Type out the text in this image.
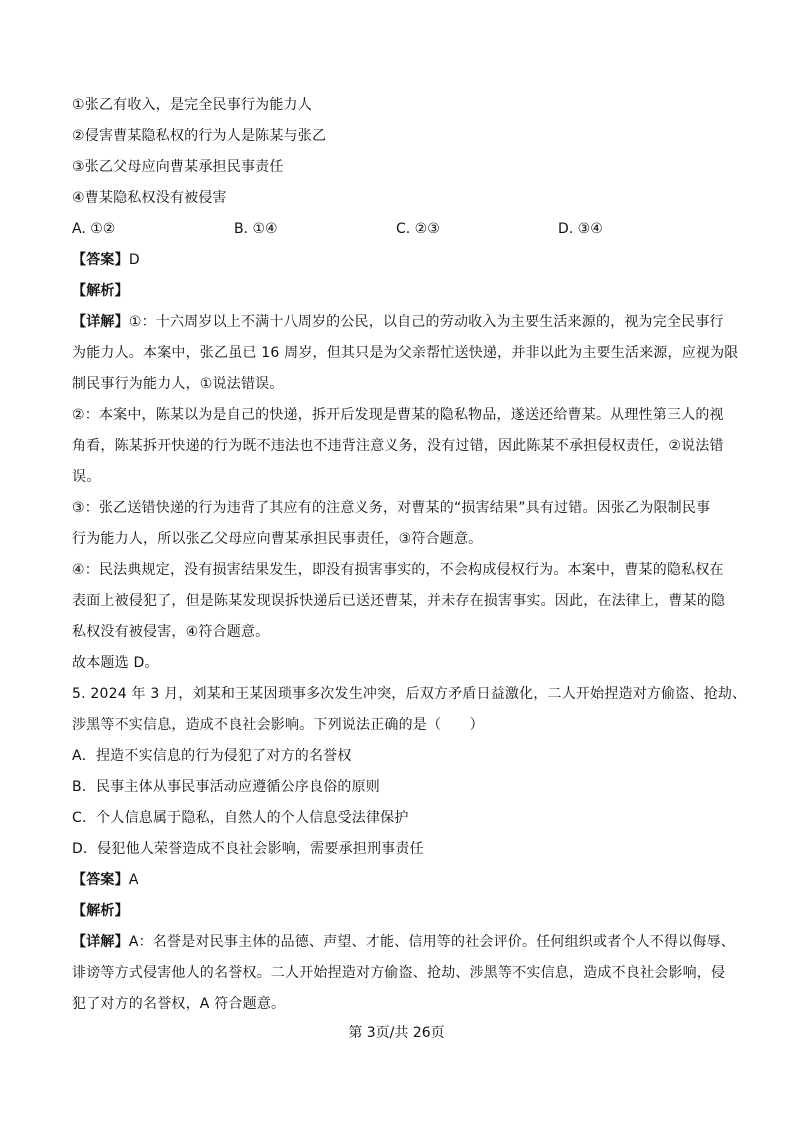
①张乙有收入，是完全民事行为能力人
②侵害曹某隐私权的行为人是陈某与张乙
③张乙父母应向曹某承担民事责任
④曹某隐私权没有被侵害
A. ①②	B. ①④	C. ②③	D. ③④
【答案】D
【解析】
【详解】①：十六周岁以上不满十八周岁的公民，以自己的劳动收入为主要生活来源的，视为完全民事行
为能力人。本案中，张乙虽已 16 周岁，但其只是为父亲帮忙送快递，并非以此为主要生活来源，应视为限
制民事行为能力人，①说法错误。
②：本案中，陈某以为是自己的快递，拆开后发现是曹某的隐私物品，遂送还给曹某。从理性第三人的视
角看，陈某拆开快递的行为既不违法也不违背注意义务，没有过错，因此陈某不承担侵权责任，②说法错
误。
③：张乙送错快递的行为违背了其应有的注意义务，对曹某的“损害结果”具有过错。因张乙为限制民事
行为能力人，所以张乙父母应向曹某承担民事责任，③符合题意。
④：民法典规定，没有损害结果发生，即没有损害事实的，不会构成侵权行为。本案中，曹某的隐私权在
表面上被侵犯了，但是陈某发现误拆快递后已送还曹某，并未存在损害事实。因此，在法律上，曹某的隐
私权没有被侵害，④符合题意。
故本题选 D。
5. 2024 年 3 月，刘某和王某因琐事多次发生冲突，后双方矛盾日益激化，二人开始捏造对方偷盗、抢劫、
涉黑等不实信息，造成不良社会影响。下列说法正确的是（　　）
A．捏造不实信息的行为侵犯了对方的名誉权
B．民事主体从事民事活动应遵循公序良俗的原则
C．个人信息属于隐私，自然人的个人信息受法律保护
D．侵犯他人荣誉造成不良社会影响，需要承担刑事责任
【答案】A
【解析】
【详解】A：名誉是对民事主体的品德、声望、才能、信用等的社会评价。任何组织或者个人不得以侮辱、
诽谤等方式侵害他人的名誉权。二人开始捏造对方偷盗、抢劫、涉黑等不实信息，造成不良社会影响，侵
犯了对方的名誉权，A 符合题意。
第 3页/共 26页
